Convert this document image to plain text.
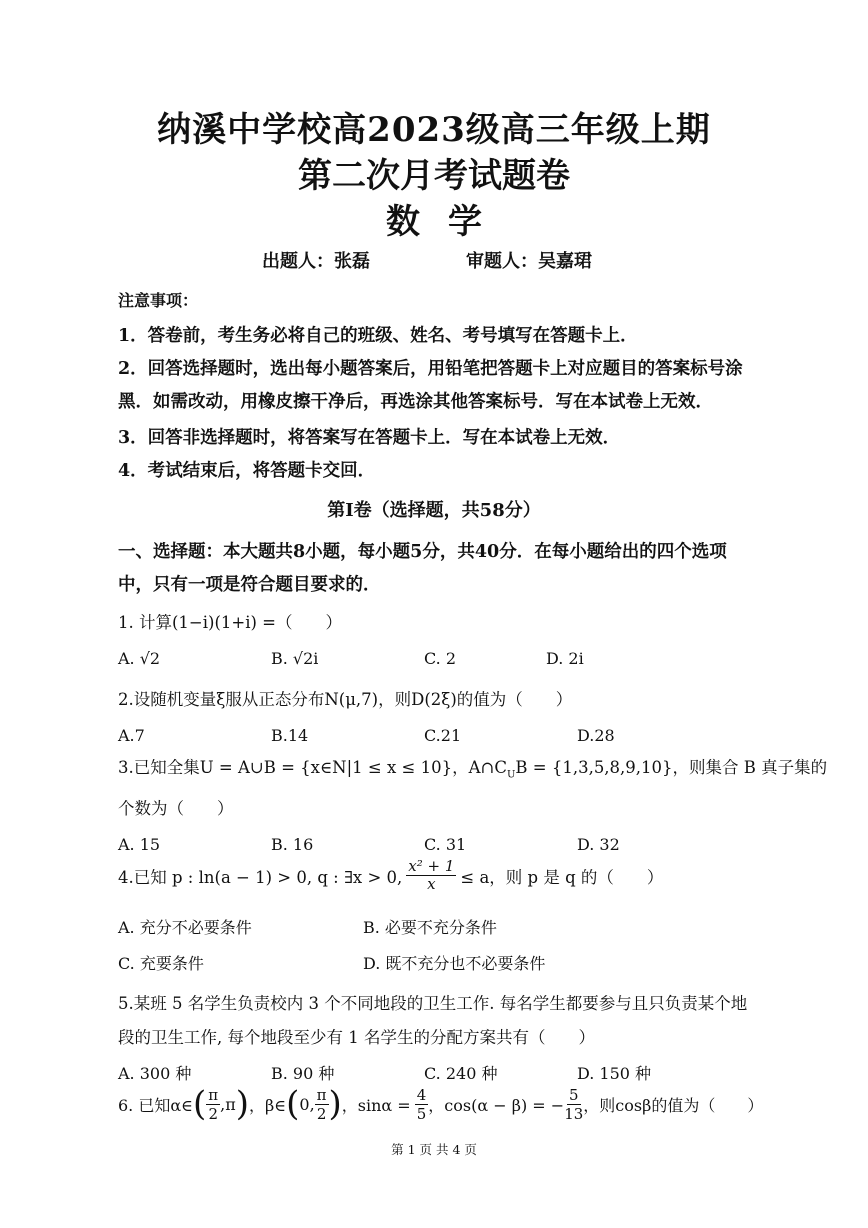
纳溪中学校高2023级高三年级上期
第二次月考试题卷
数学
出题人：张磊	审题人：吴嘉珺
注意事项：
1．答卷前，考生务必将自己的班级、姓名、考号填写在答题卡上．
2．回答选择题时，选出每小题答案后，用铅笔把答题卡上对应题目的答案标号涂
黑．如需改动，用橡皮擦干净后，再选涂其他答案标号．写在本试卷上无效．
3．回答非选择题时，将答案写在答题卡上．写在本试卷上无效．
4．考试结束后，将答题卡交回．
第Ⅰ卷（选择题，共58分）
一、选择题：本大题共8小题，每小题5分，共40分．在每小题给出的四个选项
中，只有一项是符合题目要求的．
1. 计算(1−i)(1+i) =（　　）
A. √2	B. √2i	C. 2	D. 2i
2.设随机变量ξ服从正态分布N(μ,7)，则D(2ξ)的值为（　　）
A.7	B.14	C.21	D.28
3.已知全集U = A∪B = {x∈N|1 ≤ x ≤ 10}，$A\cap C_UB = \{1,3,5,8,9,10\}$，则集合 B 真子集的
个数为（　　）
A. 15	B. 16	C. 31	D. 32
4.已知 p : ln(a − 1) > 0, q : ∃x > 0, $\frac{\text{x² + 1}}{x} \le a$，则 p 是 q 的（　　）
A. 充分不必要条件	B. 必要不充分条件
C. 充要条件	D. 既不充分也不必要条件
5.某班 5 名学生负责校内 3 个不同地段的卫生工作. 每名学生都要参与且只负责某个地
段的卫生工作, 每个地段至少有 1 名学生的分配方案共有（　　）
A. 300 种	B. 90 种	C. 240 种	D. 150 种
6. 已知α∈ ( $\frac{\pi}{2} ,\pi$ ) ，β∈ ( 0, $\frac{\pi}{2}$ ) ，$\sin\alpha = \frac{4}{5}$ ，cos(α − β) = − $\frac{5}{13}$ ，则cosβ的值为（　　）
第 1 页 共 4 页
